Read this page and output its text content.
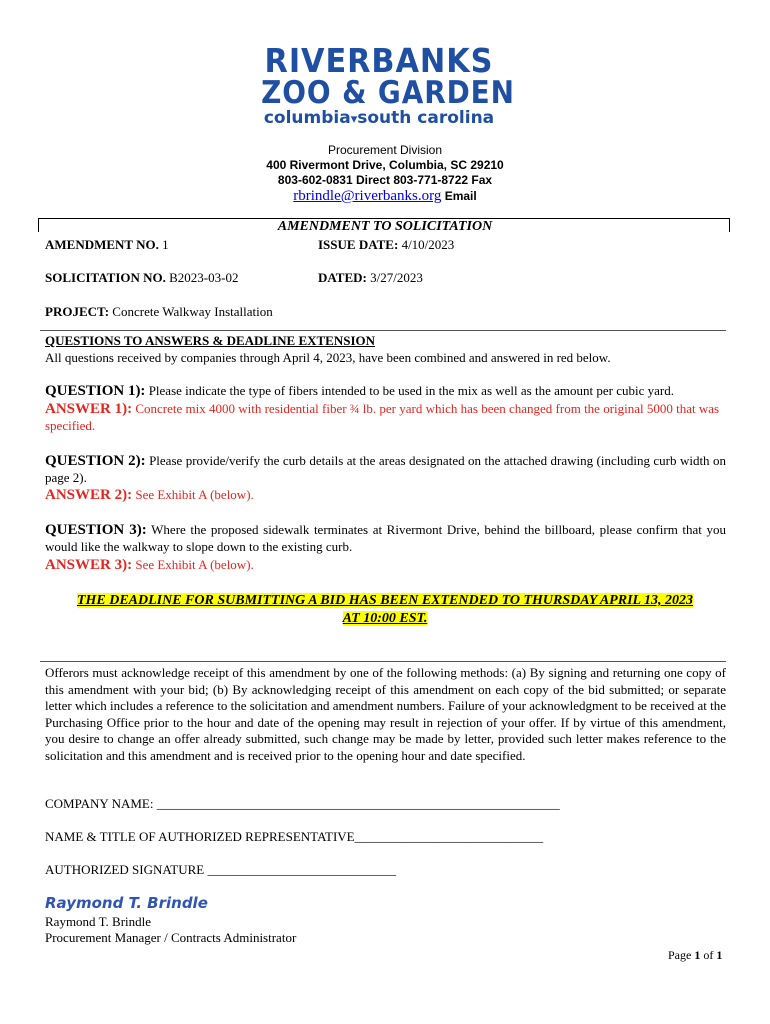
RIVERBANKS
ZOO & GARDEN
columbia▾south carolina
Procurement Division
400 Rivermont Drive, Columbia, SC 29210
803-602-0831 Direct 803-771-8722 Fax
rbrindle@riverbanks.org Email
AMENDMENT TO SOLICITATION
AMENDMENT NO. 1	ISSUE DATE: 4/10/2023
SOLICITATION NO. B2023-03-02	DATED: 3/27/2023
PROJECT: Concrete Walkway Installation
QUESTIONS TO ANSWERS & DEADLINE EXTENSION
All questions received by companies through April 4, 2023, have been combined and answered in red below.
QUESTION 1): Please indicate the type of fibers intended to be used in the mix as well as the amount per cubic yard.
ANSWER 1): Concrete mix 4000 with residential fiber ¾ lb. per yard which has been changed from the original 5000 that was specified.
QUESTION 2): Please provide/verify the curb details at the areas designated on the attached drawing (including curb width on page 2).
ANSWER 2): See Exhibit A (below).
QUESTION 3): Where the proposed sidewalk terminates at Rivermont Drive, behind the billboard, please confirm that you would like the walkway to slope down to the existing curb.
ANSWER 3): See Exhibit A (below).
THE DEADLINE FOR SUBMITTING A BID HAS BEEN EXTENDED TO THURSDAY APRIL 13, 2023
AT 10:00 EST.
Offerors must acknowledge receipt of this amendment by one of the following methods: (a) By signing and returning one copy of this amendment with your bid; (b) By acknowledging receipt of this amendment on each copy of the bid submitted; or separate letter which includes a reference to the solicitation and amendment numbers. Failure of your acknowledgment to be received at the Purchasing Office prior to the hour and date of the opening may result in rejection of your offer. If by virtue of this amendment, you desire to change an offer already submitted, such change may be made by letter, provided such letter makes reference to the solicitation and this amendment and is received prior to the opening hour and date specified.
COMPANY NAME: ______________________________________________________________
NAME & TITLE OF AUTHORIZED REPRESENTATIVE_____________________________
AUTHORIZED SIGNATURE _____________________________
Raymond T. Brindle
Raymond T. Brindle
Procurement Manager / Contracts Administrator
Page 1 of 1
